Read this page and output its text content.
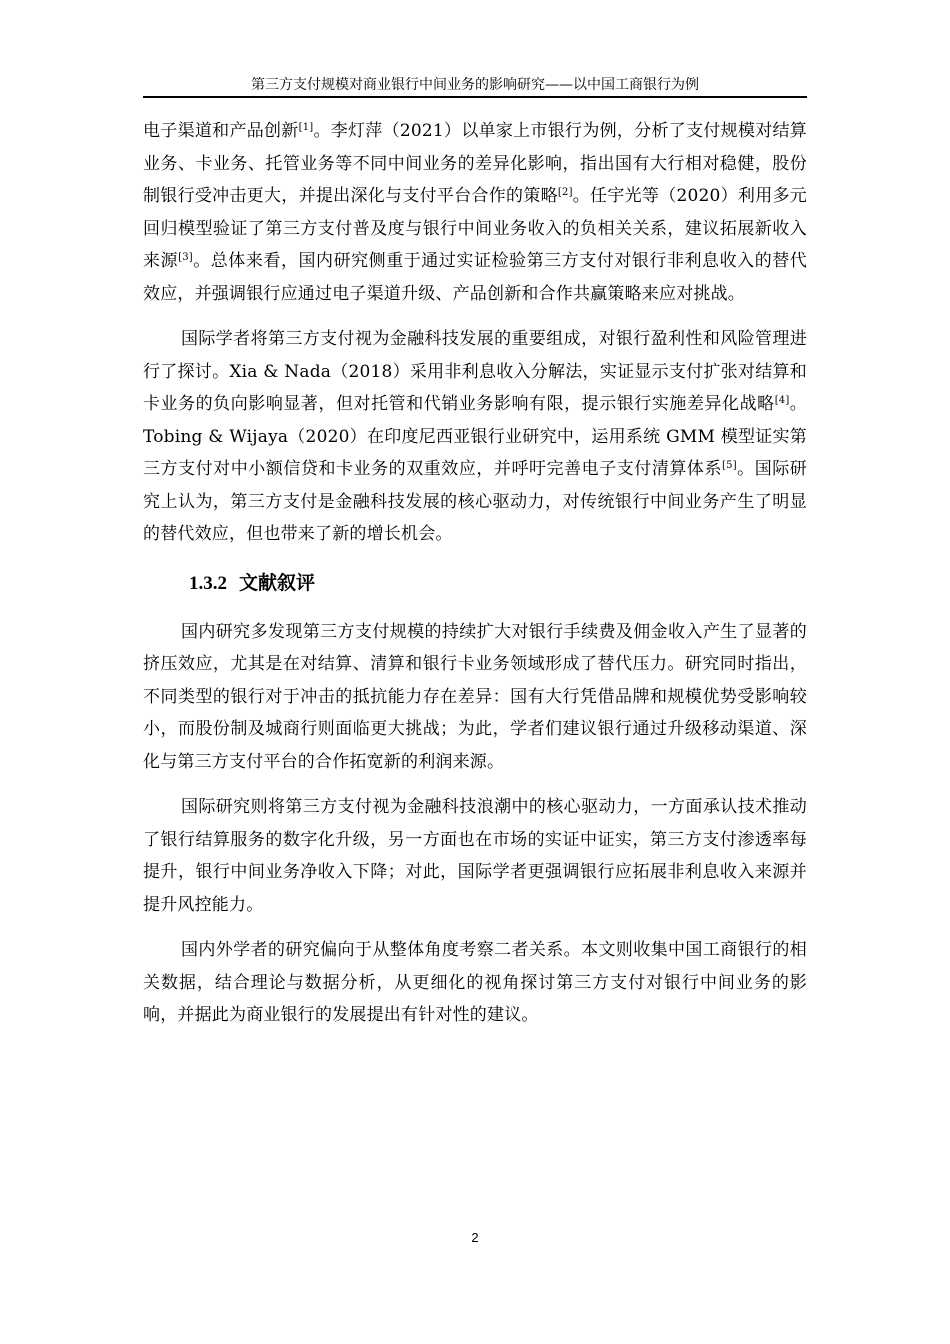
第三方支付规模对商业银行中间业务的影响研究——以中国工商银行为例

电子渠道和产品创新[1]。李灯萍（2021）以单家上市银行为例，分析了支付规模对结算业务、卡业务、托管业务等不同中间业务的差异化影响，指出国有大行相对稳健，股份制银行受冲击更大，并提出深化与支付平台合作的策略[2]。任宇光等（2020）利用多元回归模型验证了第三方支付普及度与银行中间业务收入的负相关关系，建议拓展新收入来源[3]。总体来看，国内研究侧重于通过实证检验第三方支付对银行非利息收入的替代效应，并强调银行应通过电子渠道升级、产品创新和合作共赢策略来应对挑战。

国际学者将第三方支付视为金融科技发展的重要组成，对银行盈利性和风险管理进行了探讨。Xia & Nada（2018）采用非利息收入分解法，实证显示支付扩张对结算和卡业务的负向影响显著，但对托管和代销业务影响有限，提示银行实施差异化战略[4]。Tobing & Wijaya（2020）在印度尼西亚银行业研究中，运用系统 GMM 模型证实第三方支付对中小额信贷和卡业务的双重效应，并呼吁完善电子支付清算体系[5]。国际研究上认为，第三方支付是金融科技发展的核心驱动力，对传统银行中间业务产生了明显的替代效应，但也带来了新的增长机会。

1.3.2 文献叙评

国内研究多发现第三方支付规模的持续扩大对银行手续费及佣金收入产生了显著的挤压效应，尤其是在对结算、清算和银行卡业务领域形成了替代压力。研究同时指出，不同类型的银行对于冲击的抵抗能力存在差异：国有大行凭借品牌和规模优势受影响较小，而股份制及城商行则面临更大挑战；为此，学者们建议银行通过升级移动渠道、深化与第三方支付平台的合作拓宽新的利润来源。

国际研究则将第三方支付视为金融科技浪潮中的核心驱动力，一方面承认技术推动了银行结算服务的数字化升级，另一方面也在市场的实证中证实，第三方支付渗透率每提升，银行中间业务净收入下降；对此，国际学者更强调银行应拓展非利息收入来源并提升风控能力。

国内外学者的研究偏向于从整体角度考察二者关系。本文则收集中国工商银行的相关数据，结合理论与数据分析，从更细化的视角探讨第三方支付对银行中间业务的影响，并据此为商业银行的发展提出有针对性的建议。

2
